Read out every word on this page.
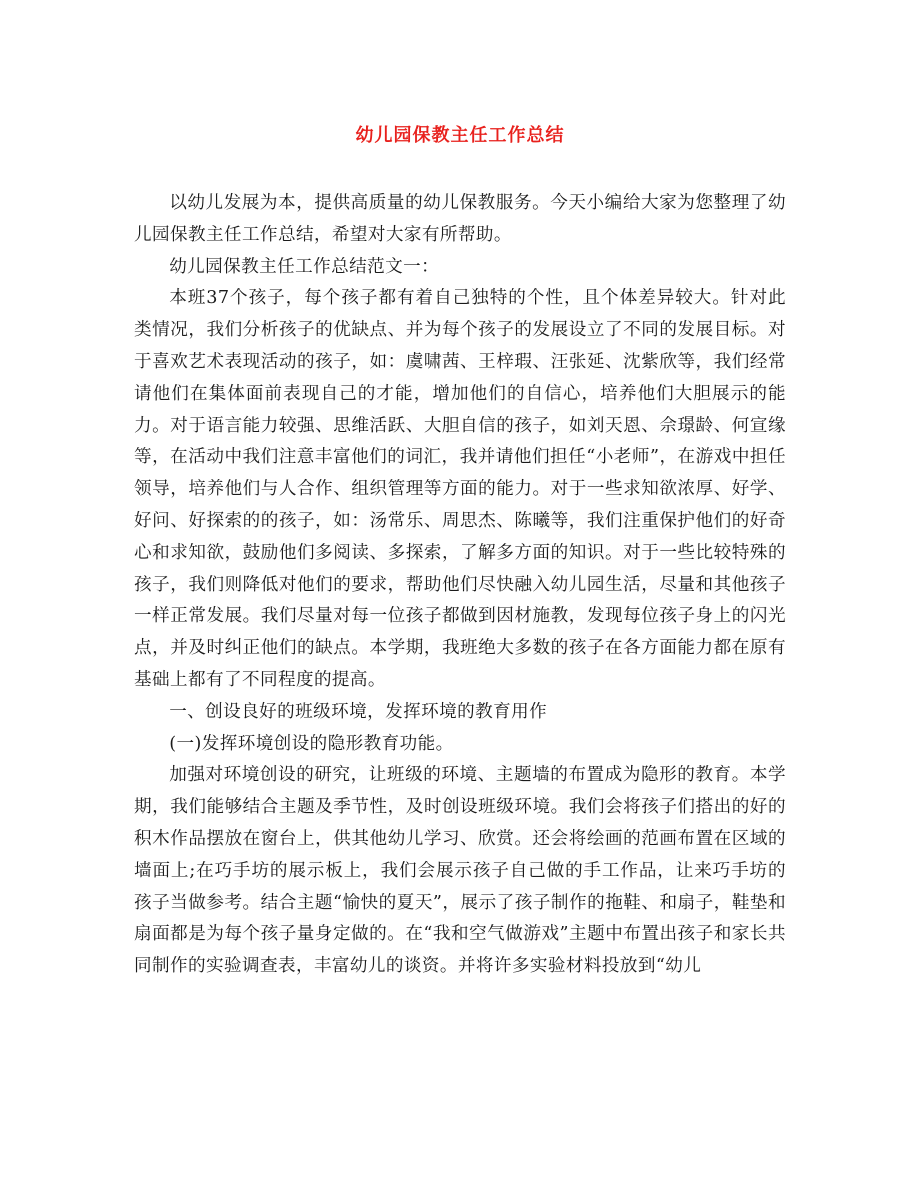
幼儿园保教主任工作总结

以幼儿发展为本，提供高质量的幼儿保教服务。今天小编给大家为您整理了幼儿园保教主任工作总结，希望对大家有所帮助。

幼儿园保教主任工作总结范文一：

本班37个孩子，每个孩子都有着自己独特的个性，且个体差异较大。针对此类情况，我们分析孩子的优缺点、并为每个孩子的发展设立了不同的发展目标。对于喜欢艺术表现活动的孩子，如：虞啸茜、王梓瑕、汪张延、沈紫欣等，我们经常请他们在集体面前表现自己的才能，增加他们的自信心，培养他们大胆展示的能力。对于语言能力较强、思维活跃、大胆自信的孩子，如刘天恩、佘璟龄、何宣缘等，在活动中我们注意丰富他们的词汇，我并请他们担任“小老师”，在游戏中担任领导，培养他们与人合作、组织管理等方面的能力。对于一些求知欲浓厚、好学、好问、好探索的的孩子，如：汤常乐、周思杰、陈曦等，我们注重保护他们的好奇心和求知欲，鼓励他们多阅读、多探索，了解多方面的知识。对于一些比较特殊的孩子，我们则降低对他们的要求，帮助他们尽快融入幼儿园生活，尽量和其他孩子一样正常发展。我们尽量对每一位孩子都做到因材施教，发现每位孩子身上的闪光点，并及时纠正他们的缺点。本学期，我班绝大多数的孩子在各方面能力都在原有基础上都有了不同程度的提高。

一、创设良好的班级环境，发挥环境的教育用作

(一)发挥环境创设的隐形教育功能。

加强对环境创设的研究，让班级的环境、主题墙的布置成为隐形的教育。本学期，我们能够结合主题及季节性，及时创设班级环境。我们会将孩子们搭出的好的积木作品摆放在窗台上，供其他幼儿学习、欣赏。还会将绘画的范画布置在区域的墙面上;在巧手坊的展示板上，我们会展示孩子自己做的手工作品，让来巧手坊的孩子当做参考。结合主题“愉快的夏天”，展示了孩子制作的拖鞋、和扇子，鞋垫和扇面都是为每个孩子量身定做的。在“我和空气做游戏”主题中布置出孩子和家长共同制作的实验调查表，丰富幼儿的谈资。并将许多实验材料投放到“幼儿
